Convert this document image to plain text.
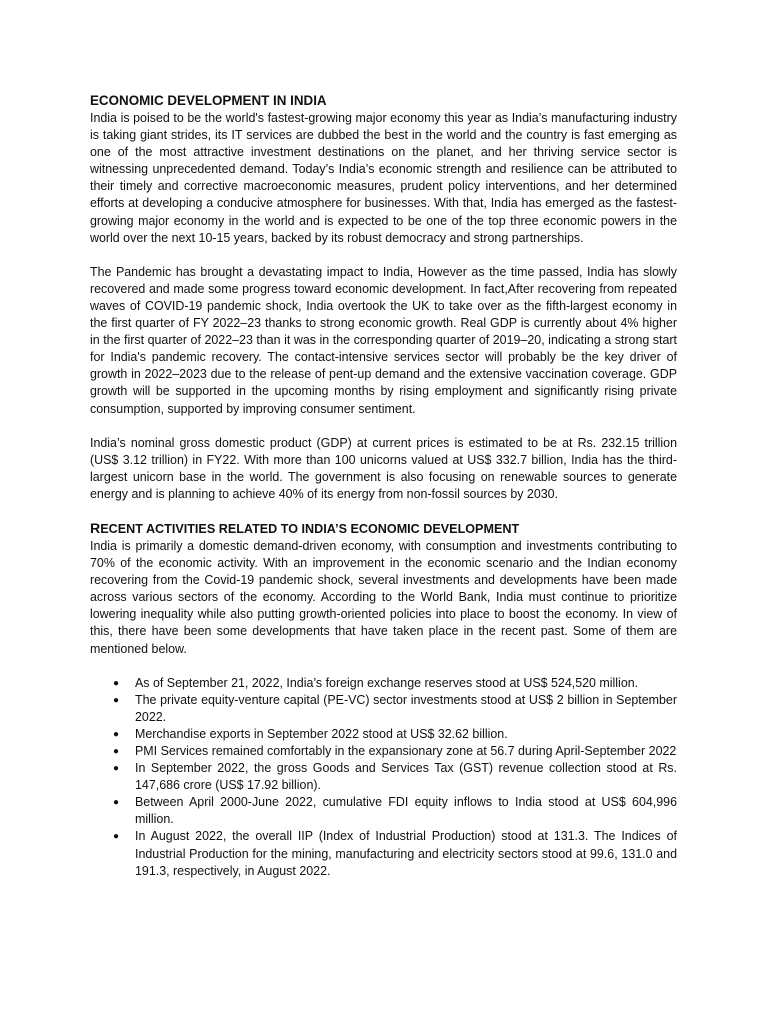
ECONOMIC DEVELOPMENT IN INDIA

India is poised to be the world's fastest-growing major economy this year as India’s manufacturing industry is taking giant strides, its IT services are dubbed the best in the world and the country is fast emerging as one of the most attractive investment destinations on the planet, and her thriving service sector is witnessing unprecedented demand. Today’s India’s economic strength and resilience can be attributed to their timely and corrective macroeconomic measures, prudent policy interventions, and her determined efforts at developing a conducive atmosphere for businesses. With that, India has emerged as the fastest-growing major economy in the world and is expected to be one of the top three economic powers in the world over the next 10-15 years, backed by its robust democracy and strong partnerships.

The Pandemic has brought a devastating impact to India, However as the time passed, India has slowly recovered and made some progress toward economic development. In fact,After recovering from repeated waves of COVID-19 pandemic shock, India overtook the UK to take over as the fifth-largest economy in the first quarter of FY 2022–23 thanks to strong economic growth. Real GDP is currently about 4% higher in the first quarter of 2022–23 than it was in the corresponding quarter of 2019–20, indicating a strong start for India's pandemic recovery. The contact-intensive services sector will probably be the key driver of growth in 2022–2023 due to the release of pent-up demand and the extensive vaccination coverage. GDP growth will be supported in the upcoming months by rising employment and significantly rising private consumption, supported by improving consumer sentiment.

India’s nominal gross domestic product (GDP) at current prices is estimated to be at Rs. 232.15 trillion (US$ 3.12 trillion) in FY22. With more than 100 unicorns valued at US$ 332.7 billion, India has the third-largest unicorn base in the world. The government is also focusing on renewable sources to generate energy and is planning to achieve 40% of its energy from non-fossil sources by 2030.

RECENT ACTIVITIES RELATED TO INDIA’S ECONOMIC DEVELOPMENT

India is primarily a domestic demand-driven economy, with consumption and investments contributing to 70% of the economic activity. With an improvement in the economic scenario and the Indian economy recovering from the Covid-19 pandemic shock, several investments and developments have been made across various sectors of the economy. According to the World Bank, India must continue to prioritize lowering inequality while also putting growth-oriented policies into place to boost the economy. In view of this, there have been some developments that have taken place in the recent past. Some of them are mentioned below.

● As of September 21, 2022, India’s foreign exchange reserves stood at US$ 524,520 million.
● The private equity-venture capital (PE-VC) sector investments stood at US$ 2 billion in September 2022.
● Merchandise exports in September 2022 stood at US$ 32.62 billion.
● PMI Services remained comfortably in the expansionary zone at 56.7 during April-September 2022
● In September 2022, the gross Goods and Services Tax (GST) revenue collection stood at Rs. 147,686 crore (US$ 17.92 billion).
● Between April 2000-June 2022, cumulative FDI equity inflows to India stood at US$ 604,996 million.
● In August 2022, the overall IIP (Index of Industrial Production) stood at 131.3. The Indices of Industrial Production for the mining, manufacturing and electricity sectors stood at 99.6, 131.0 and 191.3, respectively, in August 2022.
